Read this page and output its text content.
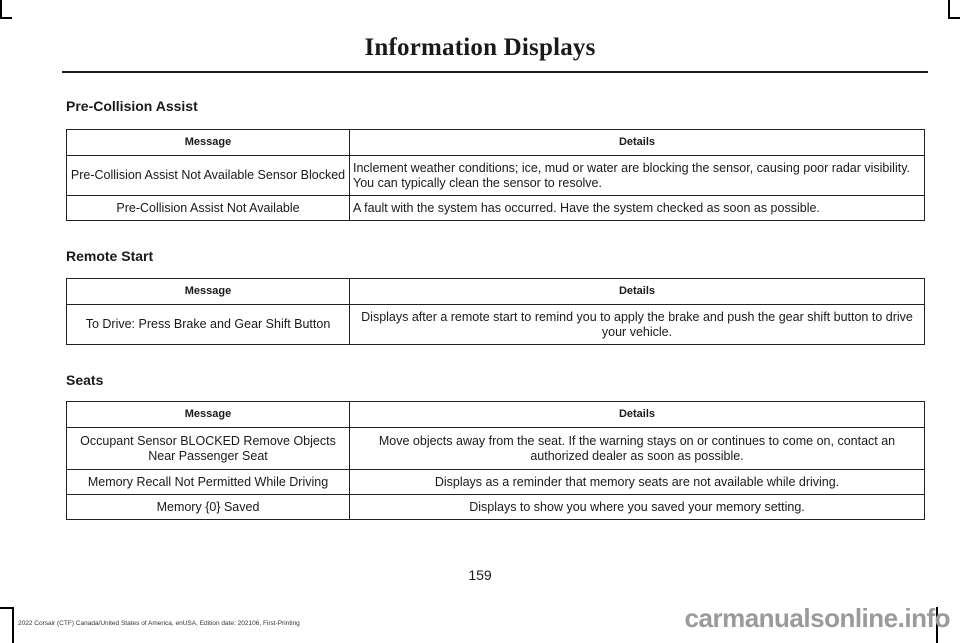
Information Displays
Pre-Collision Assist
Message	Details
Pre-Collision Assist Not Available Sensor Blocked	Inclement weather conditions; ice, mud or water are blocking the sensor, causing poor radar visibility. You can typically clean the sensor to resolve.
Pre-Collision Assist Not Available	A fault with the system has occurred. Have the system checked as soon as possible.
Remote Start
Message	Details
To Drive: Press Brake and Gear Shift Button	Displays after a remote start to remind you to apply the brake and push the gear shift button to drive your vehicle.
Seats
Message	Details
Occupant Sensor BLOCKED Remove Objects Near Passenger Seat	Move objects away from the seat. If the warning stays on or continues to come on, contact an authorized dealer as soon as possible.
Memory Recall Not Permitted While Driving	Displays as a reminder that memory seats are not available while driving.
Memory {0} Saved	Displays to show you where you saved your memory setting.
159
2022 Corsair (CTF) Canada/United States of America, enUSA, Edition date: 202106, First-Printing	carmanualsonline.info
